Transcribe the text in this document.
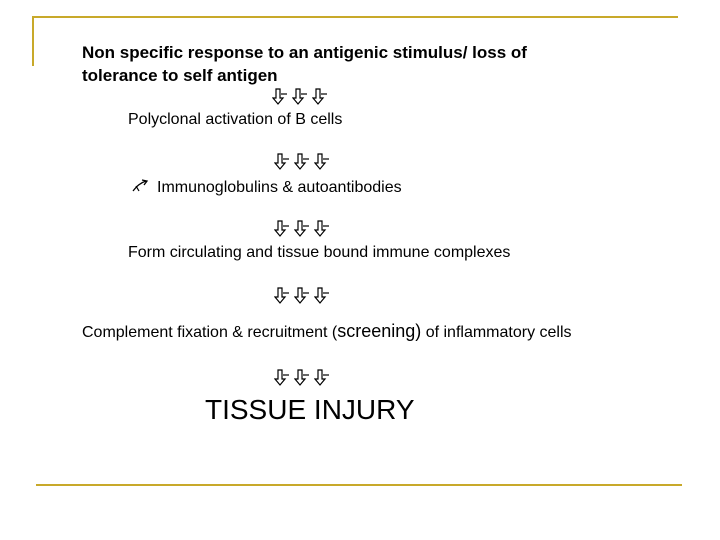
Non specific response to an antigenic stimulus/ loss of
tolerance to self antigen
Polyclonal activation of B cells
Immunoglobulins & autoantibodies
Form circulating and tissue bound immune complexes
Complement fixation & recruitment (screening) of inflammatory cells
TISSUE INJURY
